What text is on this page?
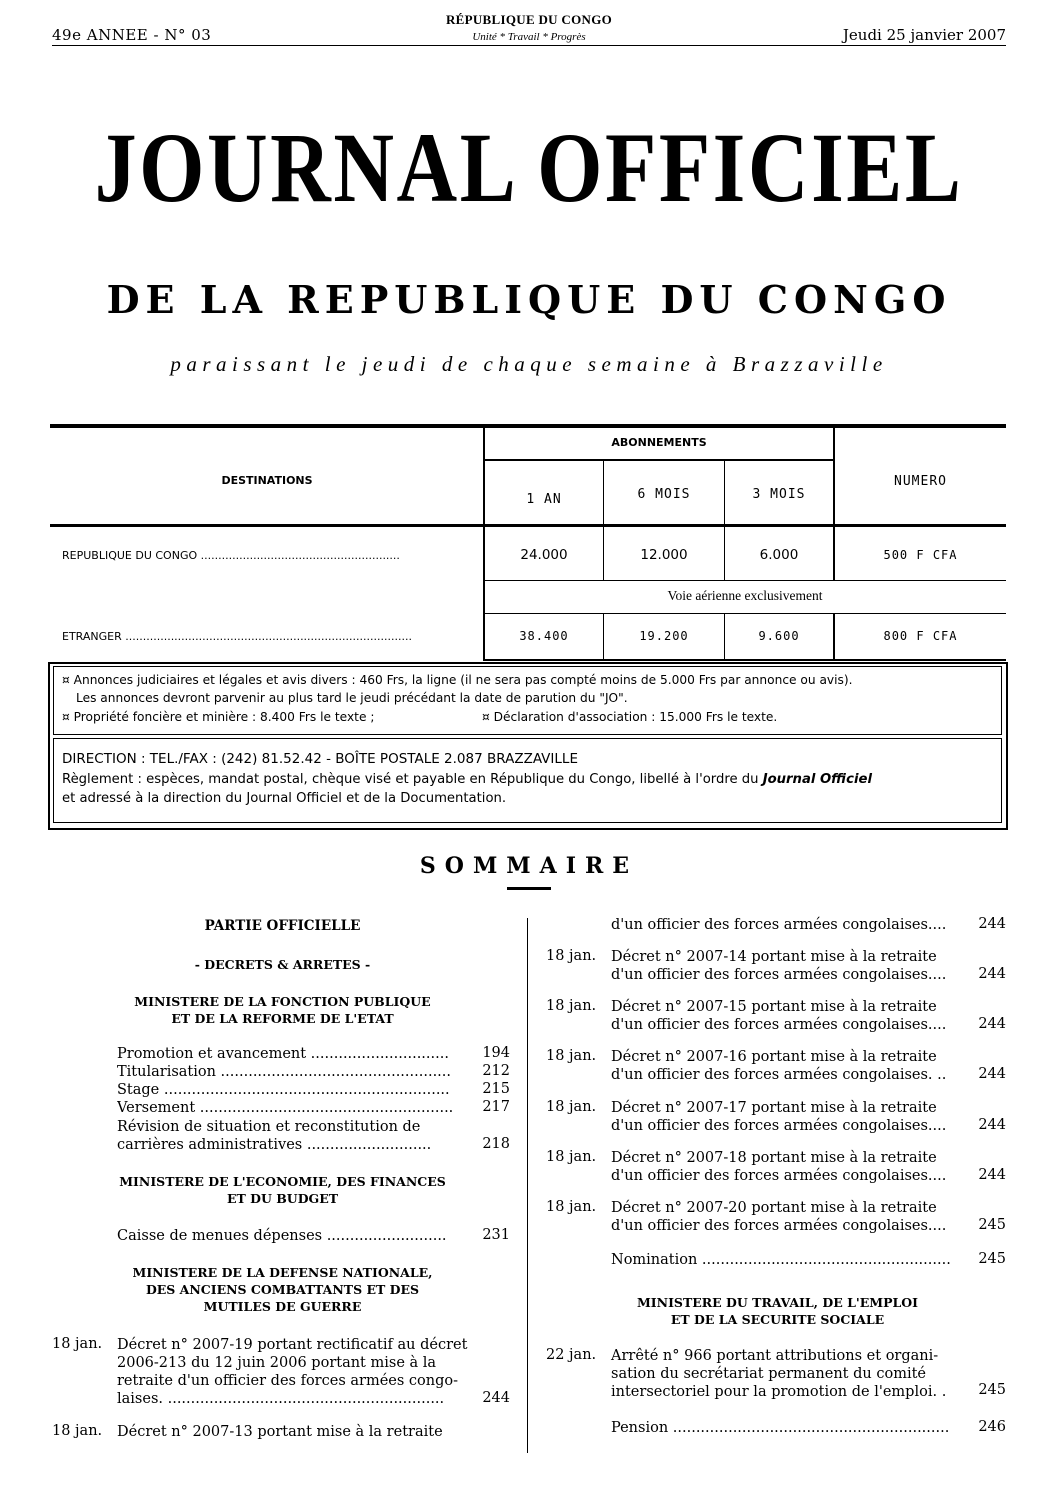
49e ANNEE - N° 03
RÉPUBLIQUE DU CONGO
Unité * Travail * Progrès	Jeudi 25 janvier 2007
JOURNAL OFFICIEL
DE LA REPUBLIQUE DU CONGO
paraissant le jeudi de chaque semaine à Brazzaville
DESTINATIONS
ABONNEMENTS
1 AN	6 MOIS	3 MOIS
NUMERO
REPUBLIQUE DU CONGO .........................................................	24.000	12.000	6.000	500 F CFA
Voie aérienne exclusivement
ETRANGER ..................................................................................	38.400	19.200	9.600	800 F CFA
¤ Annonces judiciaires et légales et avis divers : 460 Frs, la ligne (il ne sera pas compté moins de 5.000 Frs par annonce ou avis).
Les annonces devront parvenir au plus tard le jeudi précédant la date de parution du "JO".
¤ Propriété foncière et minière : 8.400 Frs le texte ;	¤ Déclaration d'association : 15.000 Frs le texte.
DIRECTION : TEL./FAX : (242) 81.52.42 - BOÎTE POSTALE 2.087 BRAZZAVILLE
Règlement : espèces, mandat postal, chèque visé et payable en République du Congo, libellé à l'ordre du Journal Officiel
et adressé à la direction du Journal Officiel et de la Documentation.
SOMMAIRE
PARTIE OFFICIELLE
- DECRETS & ARRETES -
MINISTERE DE LA FONCTION PUBLIQUE
ET DE LA REFORME DE L'ETAT
Promotion et avancement ..............................	194
Titularisation ..................................................	212
Stage ..............................................................	215
Versement .......................................................	217
Révision de situation et reconstitution de
carrières administratives ...........................	218
MINISTERE DE L'ECONOMIE, DES FINANCES
ET DU BUDGET
Caisse de menues dépenses ..........................	231
MINISTERE DE LA DEFENSE NATIONALE,
DES ANCIENS COMBATTANTS ET DES
MUTILES DE GUERRE
18 jan. Décret n° 2007-19 portant rectificatif au décret
2006-213 du 12 juin 2006 portant mise à la
retraite d'un officier des forces armées congo-
laises. ............................................................	244
18 jan. Décret n° 2007-13 portant mise à la retraite
d'un officier des forces armées congolaises....	244
18 jan. Décret n° 2007-14 portant mise à la retraite
d'un officier des forces armées congolaises....	244
18 jan. Décret n° 2007-15 portant mise à la retraite
d'un officier des forces armées congolaises....	244
18 jan. Décret n° 2007-16 portant mise à la retraite
d'un officier des forces armées congolaises. ..	244
18 jan. Décret n° 2007-17 portant mise à la retraite
d'un officier des forces armées congolaises....	244
18 jan. Décret n° 2007-18 portant mise à la retraite
d'un officier des forces armées congolaises....	244
18 jan. Décret n° 2007-20 portant mise à la retraite
d'un officier des forces armées congolaises....	245
Nomination ......................................................	245
MINISTERE DU TRAVAIL, DE L'EMPLOI
ET DE LA SECURITE SOCIALE
22 jan. Arrêté n° 966 portant attributions et organi-
sation du secrétariat permanent du comité
intersectoriel pour la promotion de l'emploi. .	245
Pension ............................................................	246
